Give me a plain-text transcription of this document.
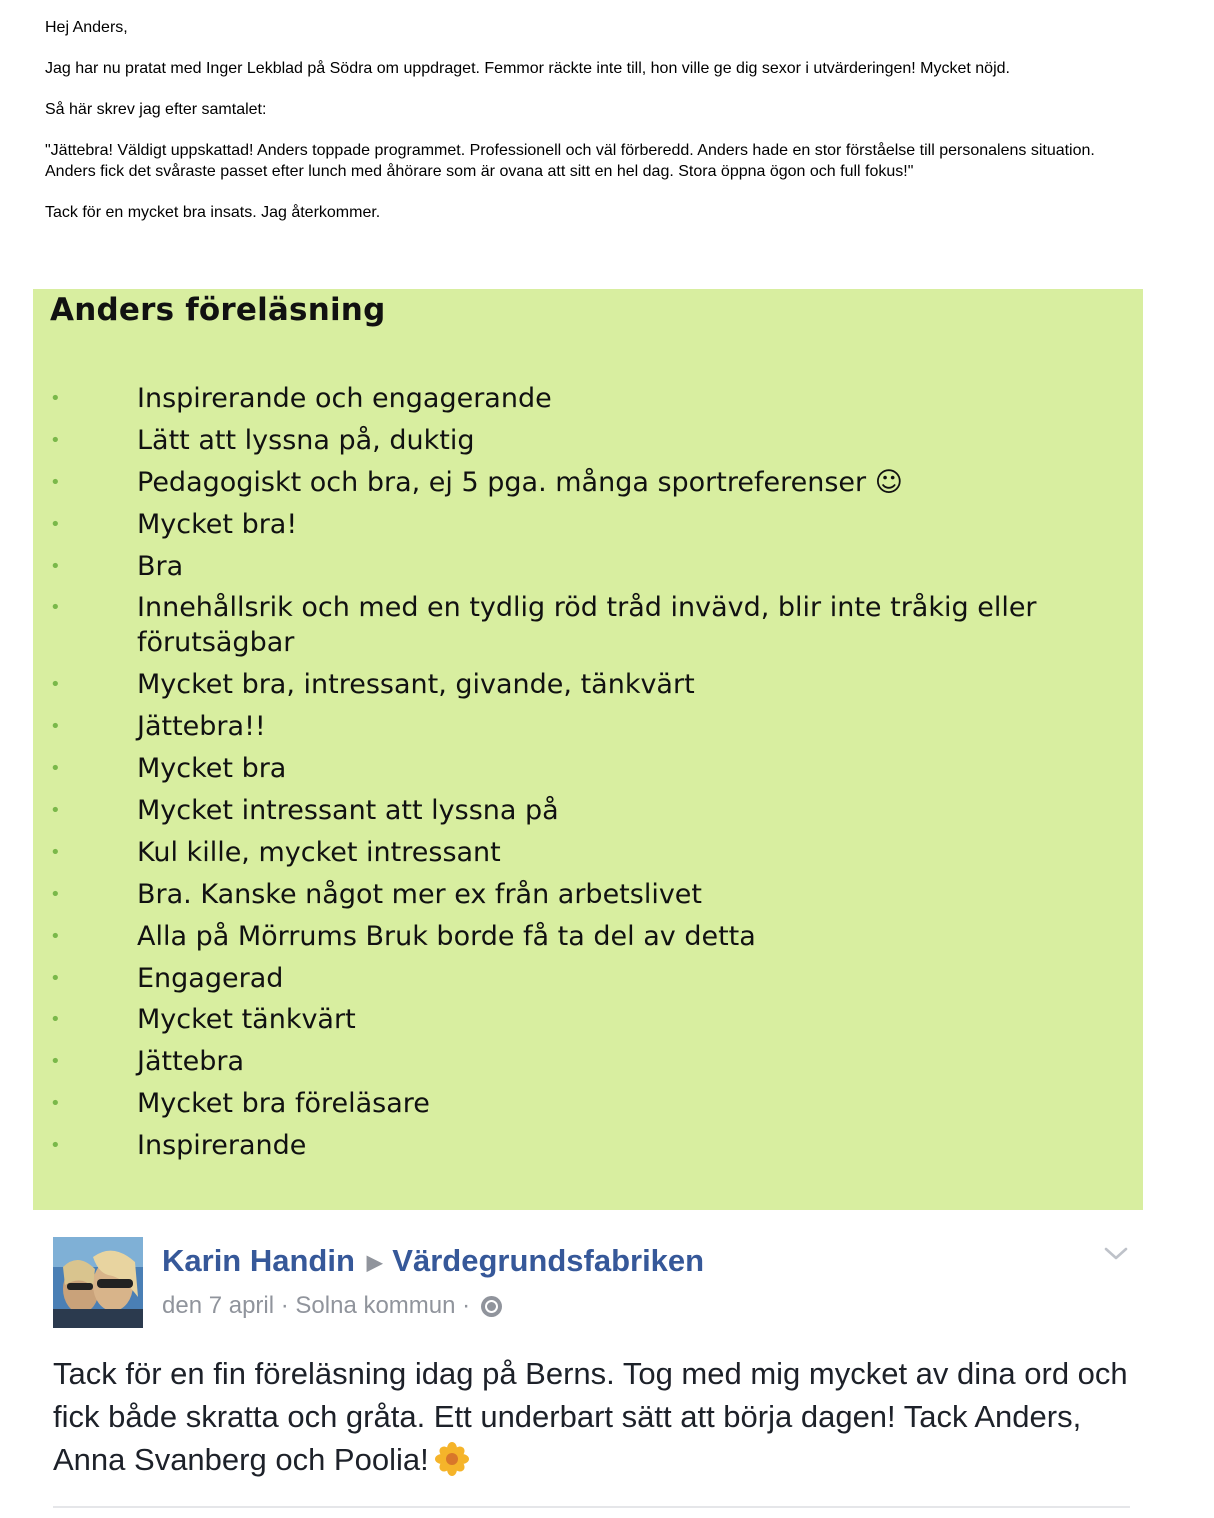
Hej Anders,

Jag har nu pratat med Inger Lekblad på Södra om uppdraget. Femmor räckte inte till, hon ville ge dig sexor i utvärderingen! Mycket nöjd.

Så här skrev jag efter samtalet:

"Jättebra! Väldigt uppskattad! Anders toppade programmet. Professionell och väl förberedd. Anders hade en stor förståelse till personalens situation. Anders fick det svåraste passet efter lunch med åhörare som är ovana att sitt en hel dag. Stora öppna ögon och full fokus!"

Tack för en mycket bra insats. Jag återkommer.

Anders föreläsning
•	Inspirerande och engagerande
•	Lätt att lyssna på, duktig
•	Pedagogiskt och bra, ej 5 pga. många sportreferenser ☺
•	Mycket bra!
•	Bra
•	Innehållsrik och med en tydlig röd tråd invävd, blir inte tråkig eller förutsägbar
•	Mycket bra, intressant, givande, tänkvärt
•	Jättebra!!
•	Mycket bra
•	Mycket intressant att lyssna på
•	Kul kille, mycket intressant
•	Bra. Kanske något mer ex från arbetslivet
•	Alla på Mörrums Bruk borde få ta del av detta
•	Engagerad
•	Mycket tänkvärt
•	Jättebra
•	Mycket bra föreläsare
•	Inspirerande
Karin Handin ▶ Värdegrundsfabriken
den 7 april · Solna kommun ·
Tack för en fin föreläsning idag på Berns. Tog med mig mycket av dina ord och fick både skratta och gråta. Ett underbart sätt att börja dagen! Tack Anders, Anna Svanberg och Poolia!
